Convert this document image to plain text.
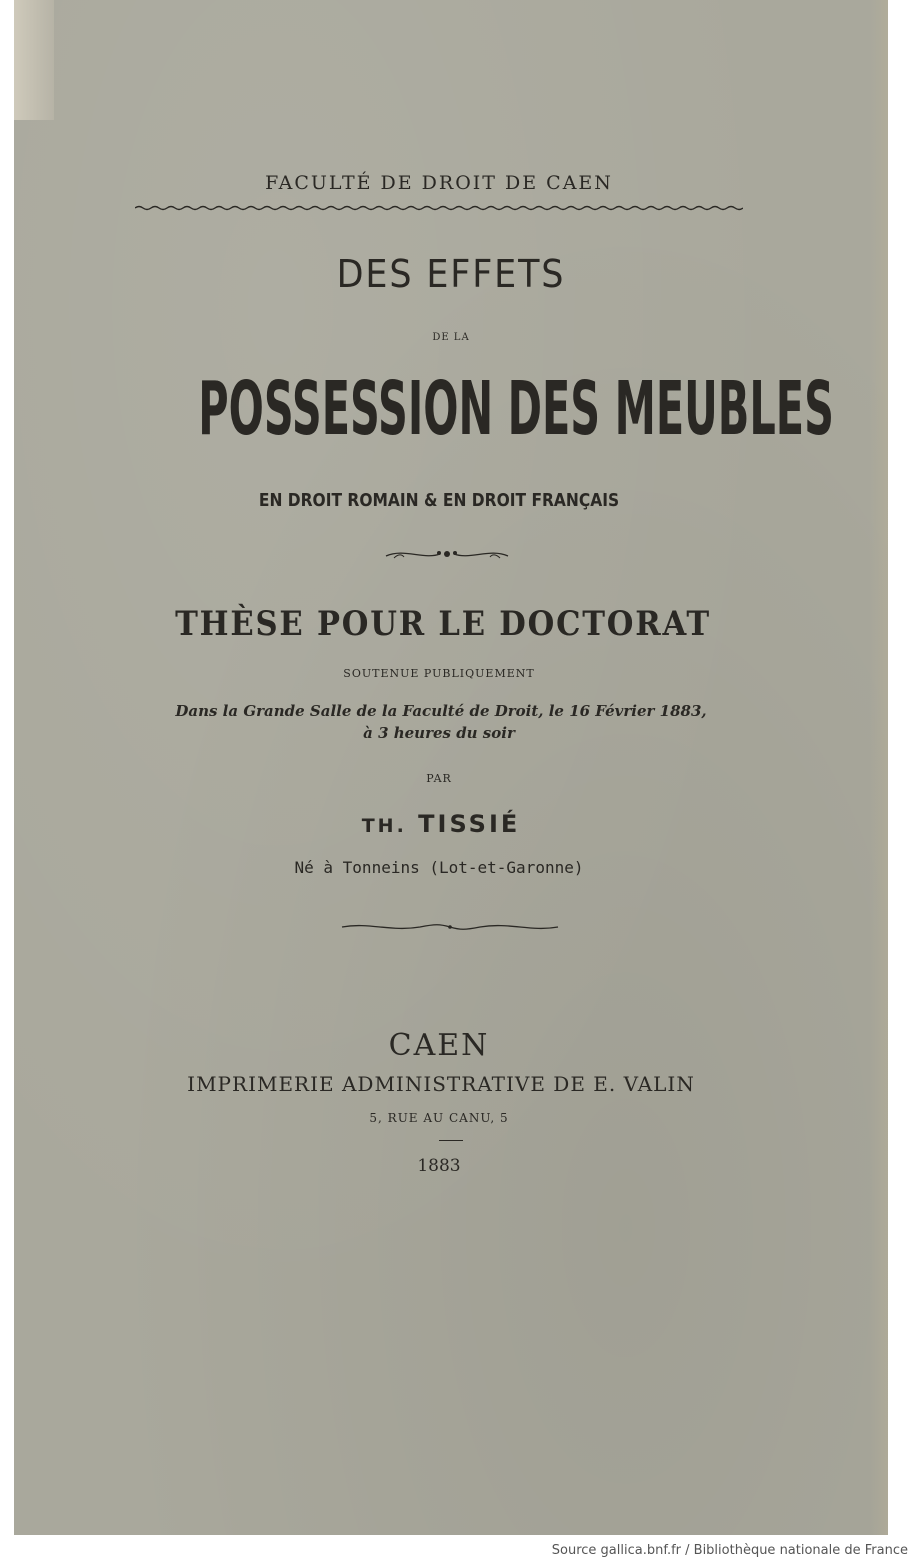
FACULTÉ DE DROIT DE CAEN
DES EFFETS
DE LA
POSSESSION DES MEUBLES
EN DROIT ROMAIN & EN DROIT FRANÇAIS
THÈSE POUR LE DOCTORAT
SOUTENUE PUBLIQUEMENT
Dans la Grande Salle de la Faculté de Droit, le 16 Février 1883,
à 3 heures du soir
PAR
TH. TISSIÉ
Né à Tonneins (Lot-et-Garonne)
CAEN
IMPRIMERIE ADMINISTRATIVE DE E. VALIN
5, RUE AU CANU, 5
1883
Source gallica.bnf.fr / Bibliothèque nationale de France
